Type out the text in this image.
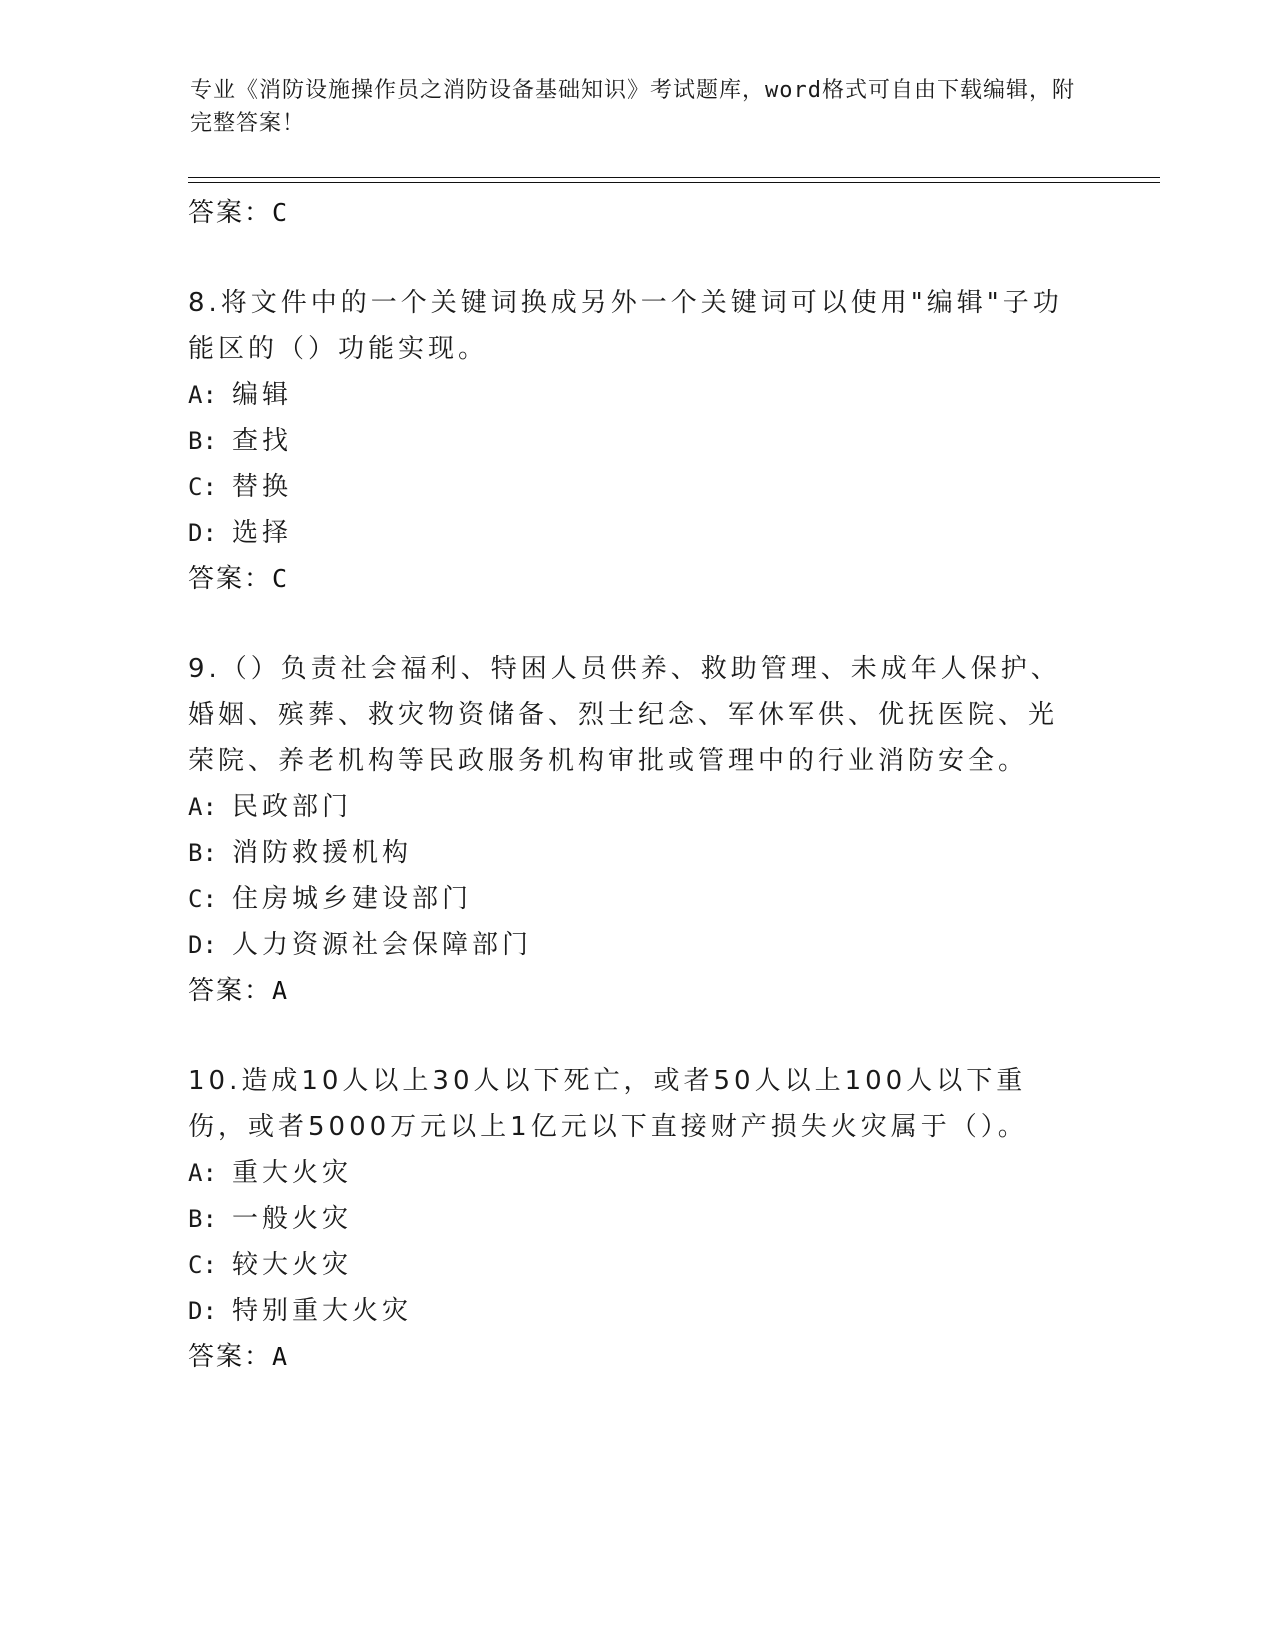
专业《消防设施操作员之消防设备基础知识》考试题库，word格式可自由下载编辑，附完整答案！
答案：C

8.将文件中的一个关键词换成另外一个关键词可以使用"编辑"子功能区的（）功能实现。

A: 编辑
B: 查找
C: 替换
D: 选择
答案：C

9.（）负责社会福利、特困人员供养、救助管理、未成年人保护、婚姻、殡葬、救灾物资储备、烈士纪念、军休军供、优抚医院、光荣院、养老机构等民政服务机构审批或管理中的行业消防安全。

A: 民政部门
B: 消防救援机构
C: 住房城乡建设部门
D: 人力资源社会保障部门
答案：A

10.造成10人以上30人以下死亡，或者50人以上100人以下重伤，或者5000万元以上1亿元以下直接财产损失火灾属于（）。

A: 重大火灾
B: 一般火灾
C: 较大火灾
D: 特别重大火灾
答案：A
